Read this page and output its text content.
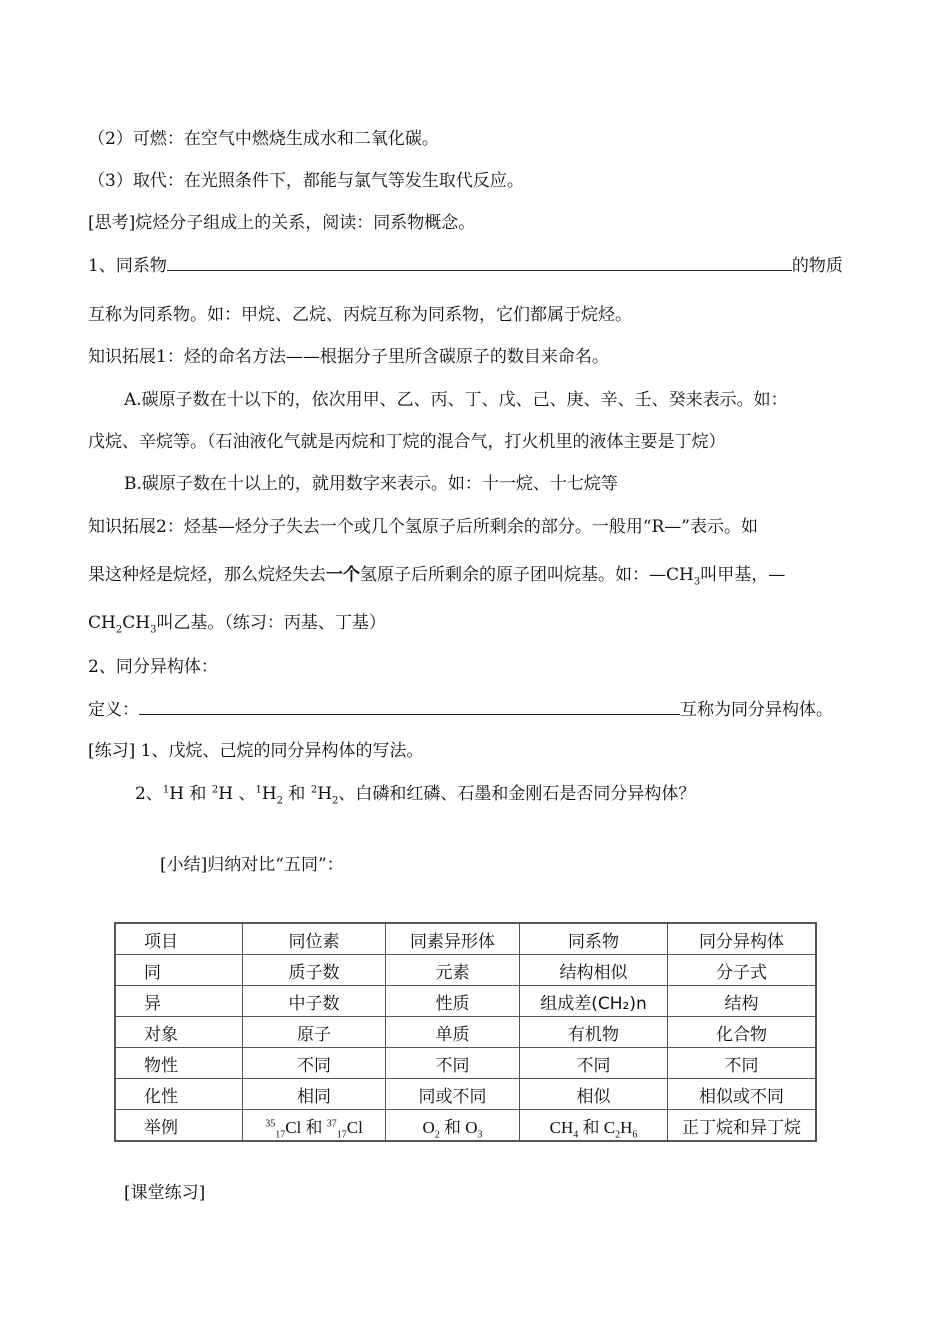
（2）可燃：在空气中燃烧生成水和二氧化碳。
（3）取代：在光照条件下，都能与氯气等发生取代反应。
[思考]烷烃分子组成上的关系，阅读：同系物概念。
1、同系物	的物质
互称为同系物。如：甲烷、乙烷、丙烷互称为同系物，它们都属于烷烃。
知识拓展1：烃的命名方法——根据分子里所含碳原子的数目来命名。
A.碳原子数在十以下的，依次用甲、乙、丙、丁、戊、己、庚、辛、壬、癸来表示。如：
戊烷、辛烷等。（石油液化气就是丙烷和丁烷的混合气，打火机里的液体主要是丁烷）
B.碳原子数在十以上的，就用数字来表示。如：十一烷、十七烷等
知识拓展2：烃基—烃分子失去一个或几个氢原子后所剩余的部分。一般用“R—”表示。如
果这种烃是烷烃，那么烷烃失去一个氢原子后所剩余的原子团叫烷基。如：$—CH_3$叫甲基，—
$CH_2CH_3$叫乙基。（练习：丙基、丁基）
2、同分异构体：
定义：	互称为同分异构体。
[练习] 1、戊烷、己烷的同分异构体的写法。
2、$^1$H 和 $^2$H 、$^1H_2$ 和 $^2H_2$、白磷和红磷、石墨和金刚石是否同分异构体？
[小结]归纳对比“五同”：
项目	同位素	同素异形体	同系物	同分异构体
同	质子数	元素	结构相似	分子式
异	中子数	性质	组成差(CH₂)n	结构
对象	原子	单质	有机物	化合物
物性	不同	不同	不同	不同
化性	相同	同或不同	相似	相似或不同
举例	$^{35}_{17}$Cl 和 $^{37}_{17}$Cl	$O_2$ 和 $O_3$	$CH_4$ 和 $C_2H_6$	正丁烷和异丁烷
[课堂练习]
